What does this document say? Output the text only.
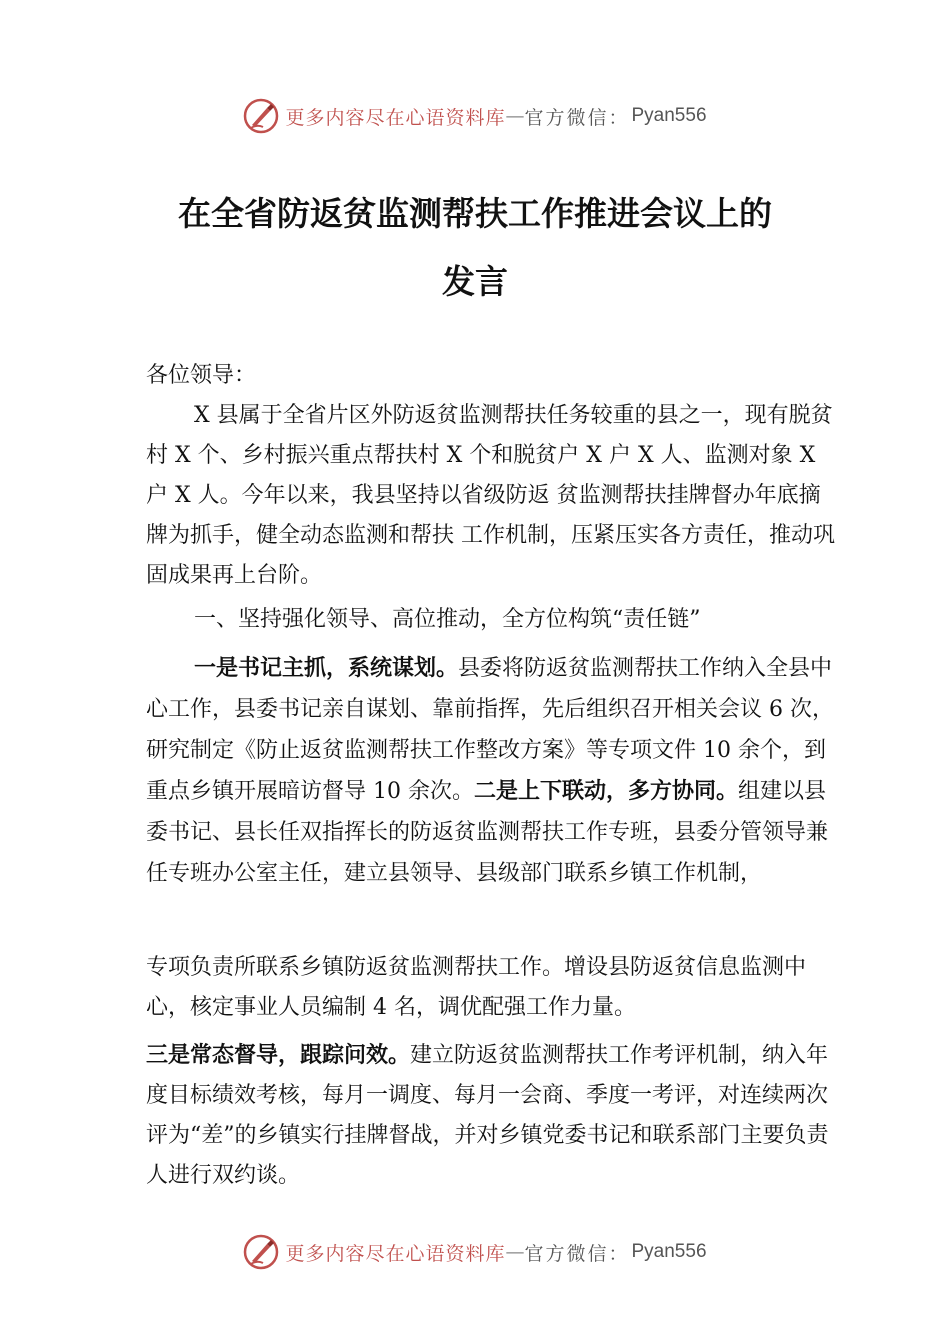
更多内容尽在心语资料库 — 官方微信： Pyan556
在全省防返贫监测帮扶工作推进会议上的
发言

各位领导：

X 县属于全省片区外防返贫监测帮扶任务较重的县之一，现有脱贫村 X 个、乡村振兴重点帮扶村 X 个和脱贫户 X 户 X 人、监测对象 X 户 X 人。今年以来，我县坚持以省级防返 贫监测帮扶挂牌督办年底摘牌为抓手，健全动态监测和帮扶 工作机制，压紧压实各方责任，推动巩固成果再上台阶。

一、坚持强化领导、高位推动，全方位构筑“责任链”

一是书记主抓，系统谋划。县委将防返贫监测帮扶工作纳入全县中心工作，县委书记亲自谋划、靠前指挥，先后组织召开相关会议 6 次，研究制定《防止返贫监测帮扶工作整改方案》等专项文件 10 余个，到重点乡镇开展暗访督导 10 余次。二是上下联动，多方协同。组建以县委书记、县长任双指挥长的防返贫监测帮扶工作专班，县委分管领导兼任专班办公室主任，建立县领导、县级部门联系乡镇工作机制，

专项负责所联系乡镇防返贫监测帮扶工作。增设县防返贫信息监测中心，核定事业人员编制 4 名，调优配强工作力量。

三是常态督导，跟踪问效。建立防返贫监测帮扶工作考评机制，纳入年度目标绩效考核，每月一调度、每月一会商、季度一考评，对连续两次评为“差”的乡镇实行挂牌督战，并对乡镇党委书记和联系部门主要负责人进行双约谈。

更多内容尽在心语资料库 — 官方微信： Pyan556
